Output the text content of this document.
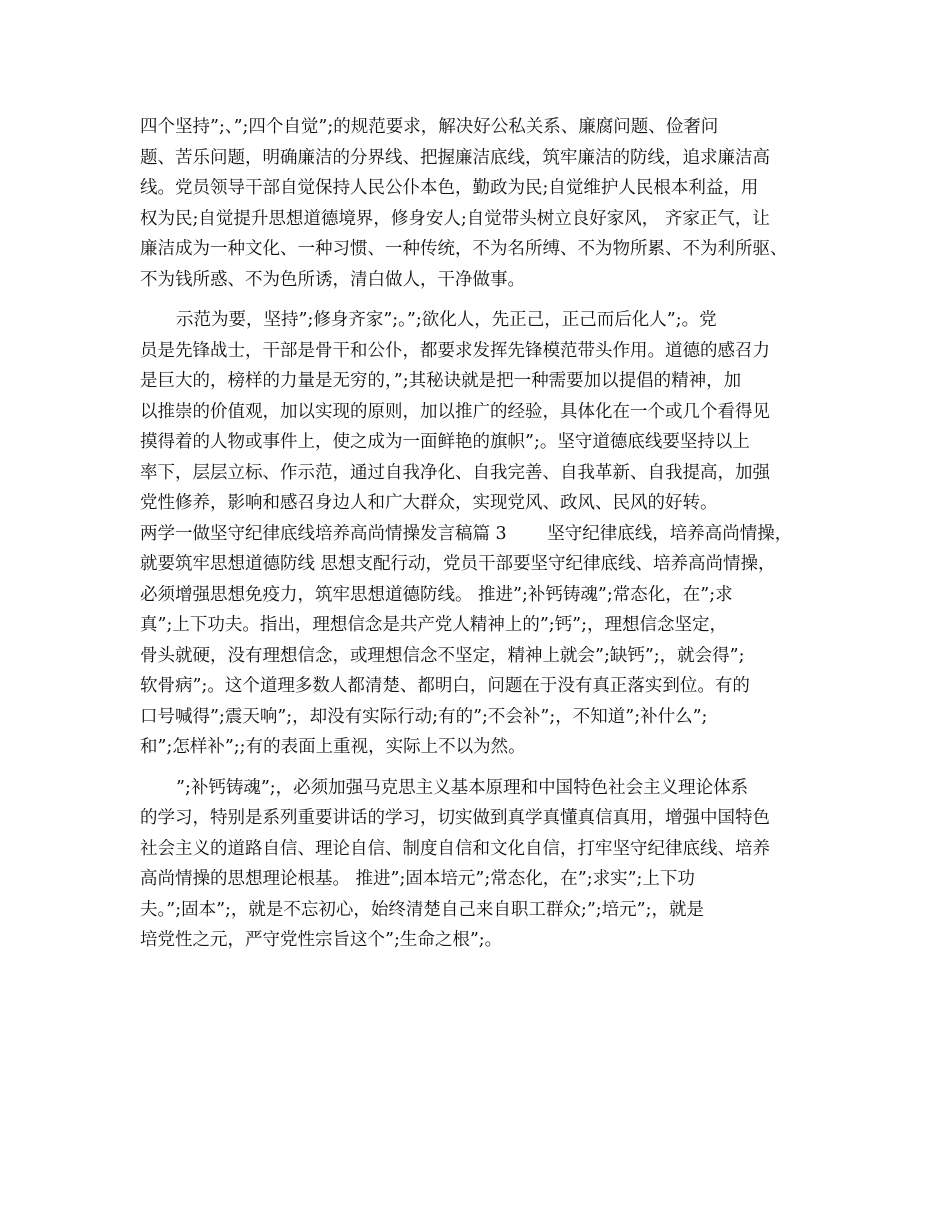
四个坚持”;、”;四个自觉”;的规范要求，解决好公私关系、廉腐问题、俭奢问
题、苦乐问题，明确廉洁的分界线、把握廉洁底线，筑牢廉洁的防线，追求廉洁高
线。党员领导干部自觉保持人民公仆本色，勤政为民;自觉维护人民根本利益，用
权为民;自觉提升思想道德境界，修身安人;自觉带头树立良好家风， 齐家正气，让
廉洁成为一种文化、一种习惯、一种传统，不为名所缚、不为物所累、不为利所驱、
不为钱所惑、不为色所诱，清白做人，干净做事。
示范为要，坚持”;修身齐家”;。”;欲化人，先正己，正己而后化人”;。党
员是先锋战士，干部是骨干和公仆，都要求发挥先锋模范带头作用。道德的感召力
是巨大的，榜样的力量是无穷的，”;其秘诀就是把一种需要加以提倡的精神，加
以推崇的价值观，加以实现的原则，加以推广的经验，具体化在一个或几个看得见
摸得着的人物或事件上，使之成为一面鲜艳的旗帜”;。坚守道德底线要坚持以上
率下，层层立标、作示范，通过自我净化、自我完善、自我革新、自我提高，加强
党性修养，影响和感召身边人和广大群众，实现党风、政风、民风的好转。
两学一做坚守纪律底线培养高尚情操发言稿篇 3　　 坚守纪律底线，培养高尚情操，
就要筑牢思想道德防线 思想支配行动，党员干部要坚守纪律底线、培养高尚情操，
必须增强思想免疫力，筑牢思想道德防线。 推进”;补钙铸魂”;常态化，在”;求
真”;上下功夫。指出，理想信念是共产党人精神上的”;钙”;，理想信念坚定，
骨头就硬，没有理想信念，或理想信念不坚定，精神上就会”;缺钙”;，就会得”;
软骨病”;。这个道理多数人都清楚、都明白，问题在于没有真正落实到位。有的
口号喊得”;震天响”;，却没有实际行动;有的”;不会补”;，不知道”;补什么”;
和”;怎样补”;;有的表面上重视，实际上不以为然。
”;补钙铸魂”;，必须加强马克思主义基本原理和中国特色社会主义理论体系
的学习，特别是系列重要讲话的学习，切实做到真学真懂真信真用，增强中国特色
社会主义的道路自信、理论自信、制度自信和文化自信，打牢坚守纪律底线、培养
高尚情操的思想理论根基。 推进”;固本培元”;常态化，在”;求实”;上下功
夫。”;固本”;，就是不忘初心，始终清楚自己来自职工群众;”;培元”;，就是
培党性之元，严守党性宗旨这个”;生命之根”;。
